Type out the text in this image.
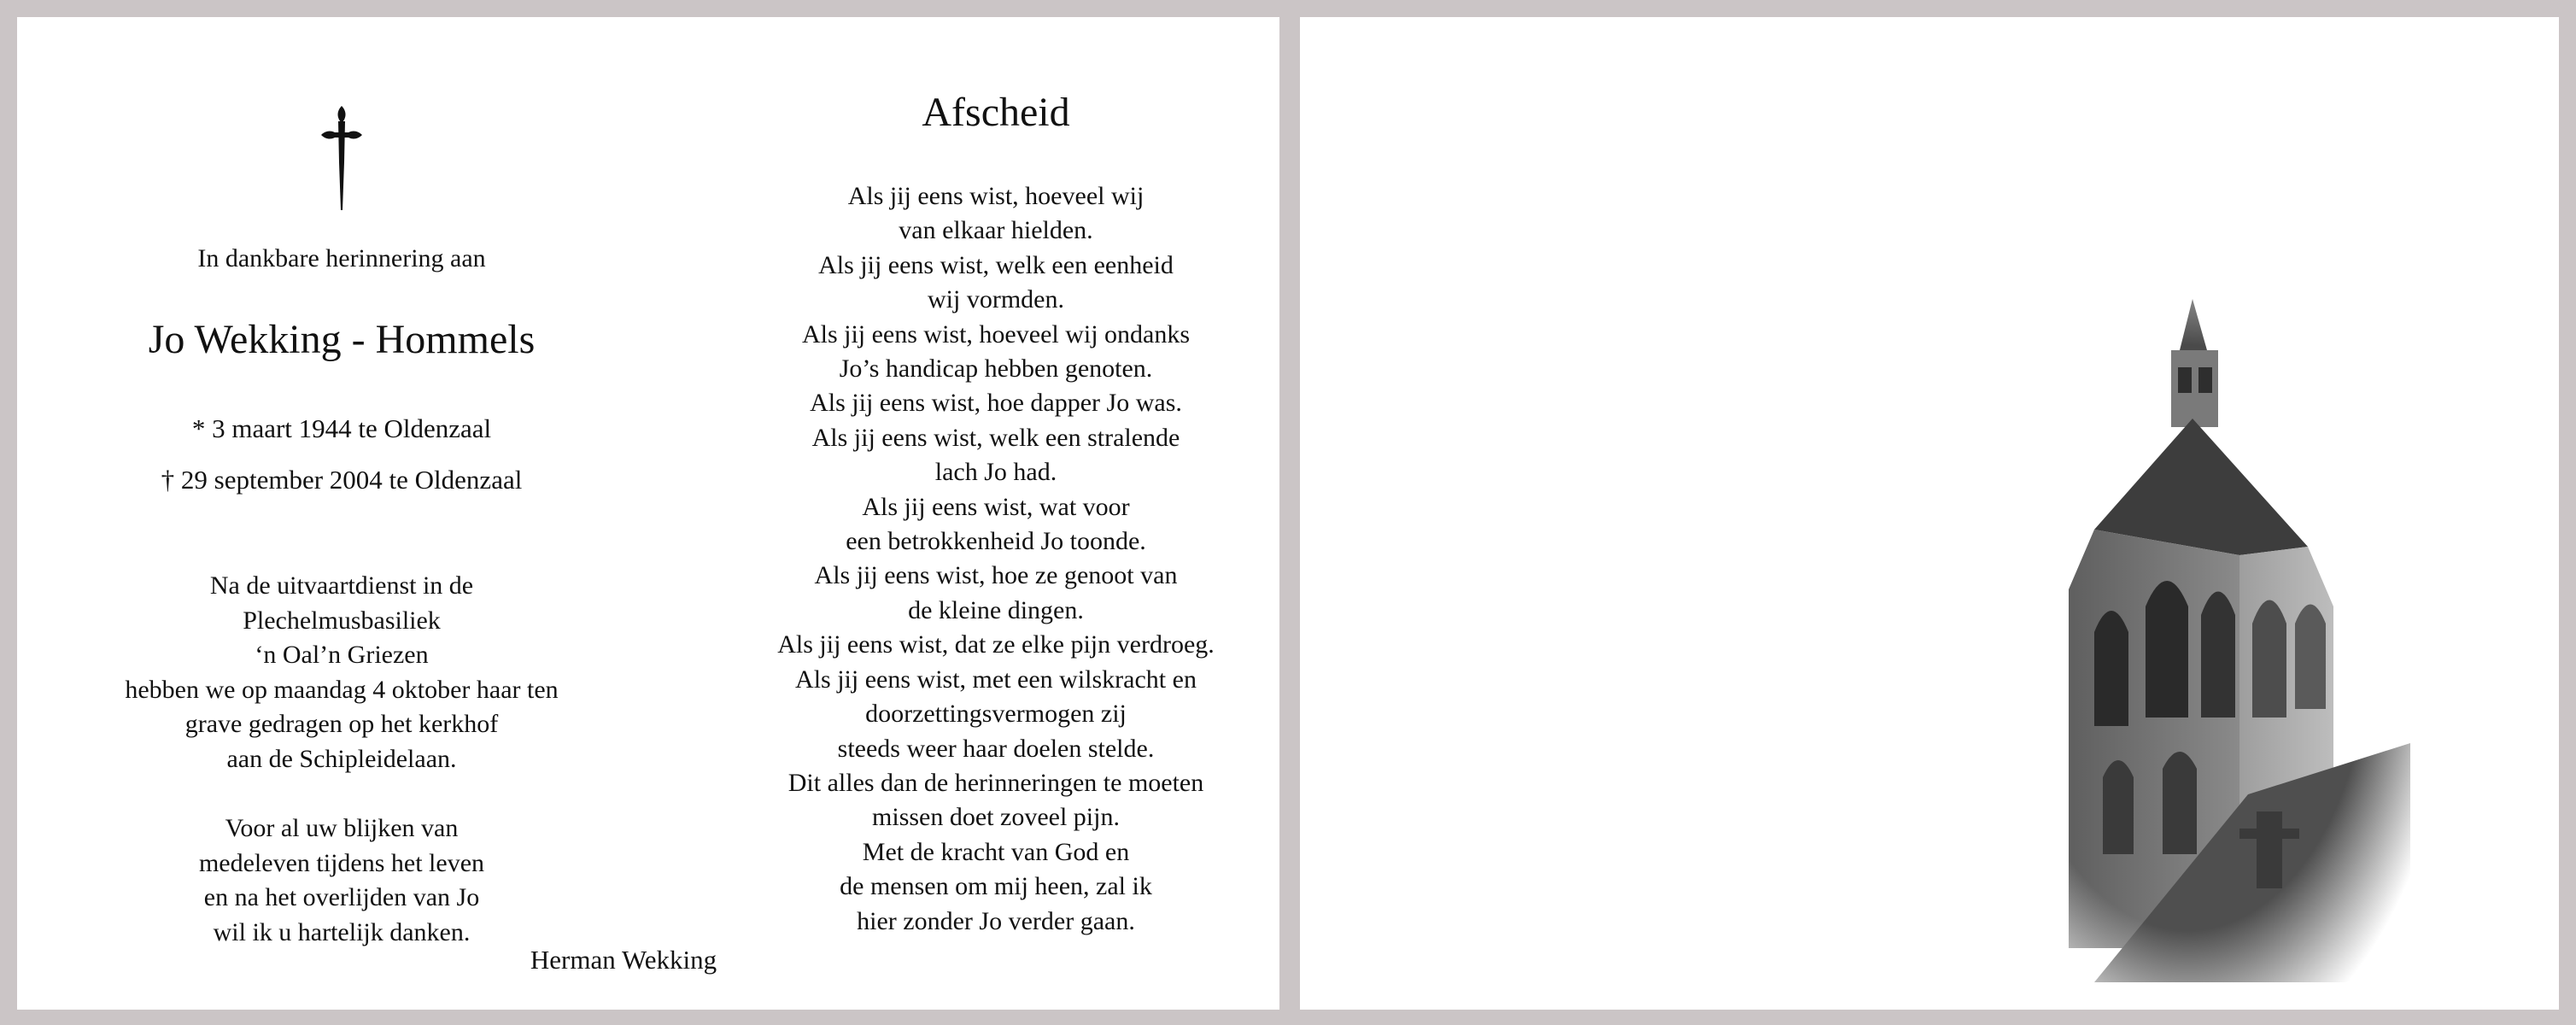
In dankbare herinnering aan
Jo Wekking - Hommels
* 3 maart 1944 te Oldenzaal
† 29 september 2004 te Oldenzaal
Na de uitvaartdienst in de
Plechelmusbasiliek
‘n Oal’n Griezen
hebben we op maandag 4 oktober haar ten
grave gedragen op het kerkhof
aan de Schipleidelaan.
Voor al uw blijken van
medeleven tijdens het leven
en na het overlijden van Jo
wil ik u hartelijk danken.
Herman Wekking
Afscheid
Als jij eens wist, hoeveel wij
van elkaar hielden.
Als jij eens wist, welk een eenheid
wij vormden.
Als jij eens wist, hoeveel wij ondanks
Jo’s handicap hebben genoten.
Als jij eens wist, hoe dapper Jo was.
Als jij eens wist, welk een stralende
lach Jo had.
Als jij eens wist, wat voor
een betrokkenheid Jo toonde.
Als jij eens wist, hoe ze genoot van
de kleine dingen.
Als jij eens wist, dat ze elke pijn verdroeg.
Als jij eens wist, met een wilskracht en
doorzettingsvermogen zij
steeds weer haar doelen stelde.
Dit alles dan de herinneringen te moeten
missen doet zoveel pijn.
Met de kracht van God en
de mensen om mij heen, zal ik
hier zonder Jo verder gaan.
